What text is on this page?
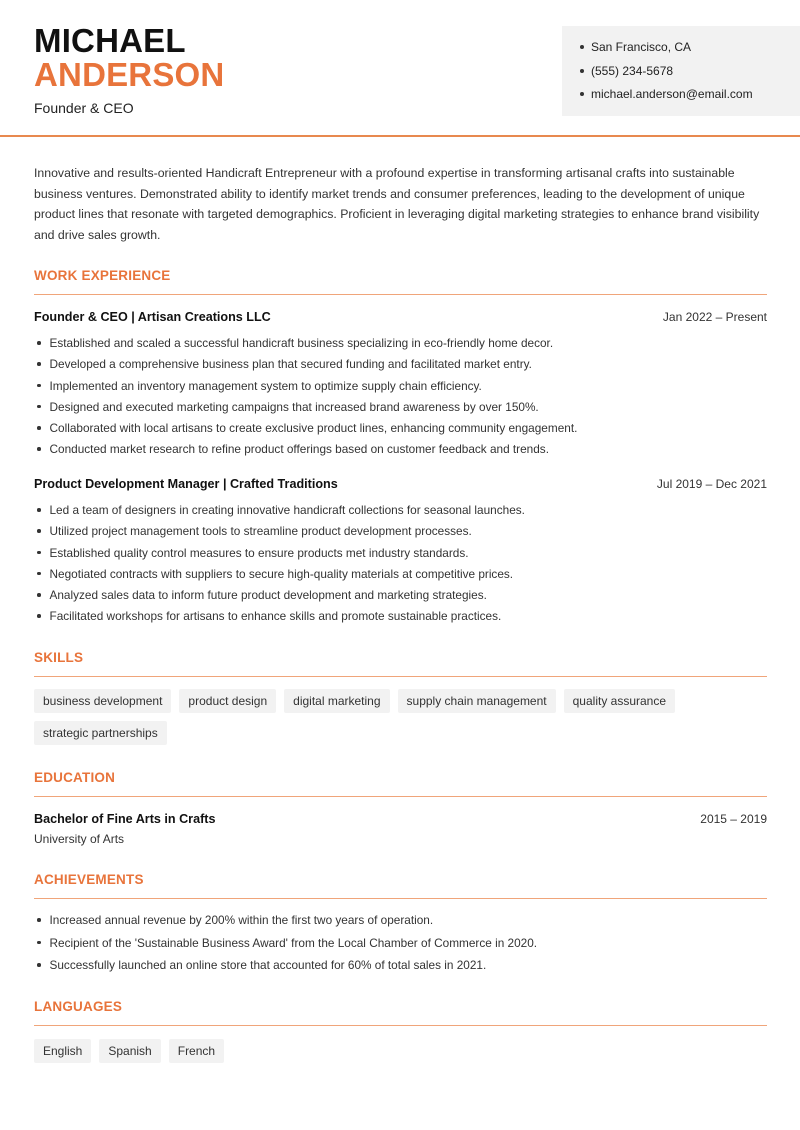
MICHAEL
ANDERSON
Founder & CEO
San Francisco, CA
(555) 234-5678
michael.anderson@email.com
Innovative and results-oriented Handicraft Entrepreneur with a profound expertise in transforming artisanal crafts into sustainable business ventures. Demonstrated ability to identify market trends and consumer preferences, leading to the development of unique product lines that resonate with targeted demographics. Proficient in leveraging digital marketing strategies to enhance brand visibility and drive sales growth.
WORK EXPERIENCE
Founder & CEO | Artisan Creations LLC	Jan 2022 – Present
Established and scaled a successful handicraft business specializing in eco-friendly home decor.
Developed a comprehensive business plan that secured funding and facilitated market entry.
Implemented an inventory management system to optimize supply chain efficiency.
Designed and executed marketing campaigns that increased brand awareness by over 150%.
Collaborated with local artisans to create exclusive product lines, enhancing community engagement.
Conducted market research to refine product offerings based on customer feedback and trends.
Product Development Manager | Crafted Traditions	Jul 2019 – Dec 2021
Led a team of designers in creating innovative handicraft collections for seasonal launches.
Utilized project management tools to streamline product development processes.
Established quality control measures to ensure products met industry standards.
Negotiated contracts with suppliers to secure high-quality materials at competitive prices.
Analyzed sales data to inform future product development and marketing strategies.
Facilitated workshops for artisans to enhance skills and promote sustainable practices.
SKILLS
business development	product design	digital marketing	supply chain management	quality assurance
strategic partnerships
EDUCATION
Bachelor of Fine Arts in Crafts	2015 – 2019
University of Arts
ACHIEVEMENTS
Increased annual revenue by 200% within the first two years of operation.
Recipient of the 'Sustainable Business Award' from the Local Chamber of Commerce in 2020.
Successfully launched an online store that accounted for 60% of total sales in 2021.
LANGUAGES
English	Spanish	French
